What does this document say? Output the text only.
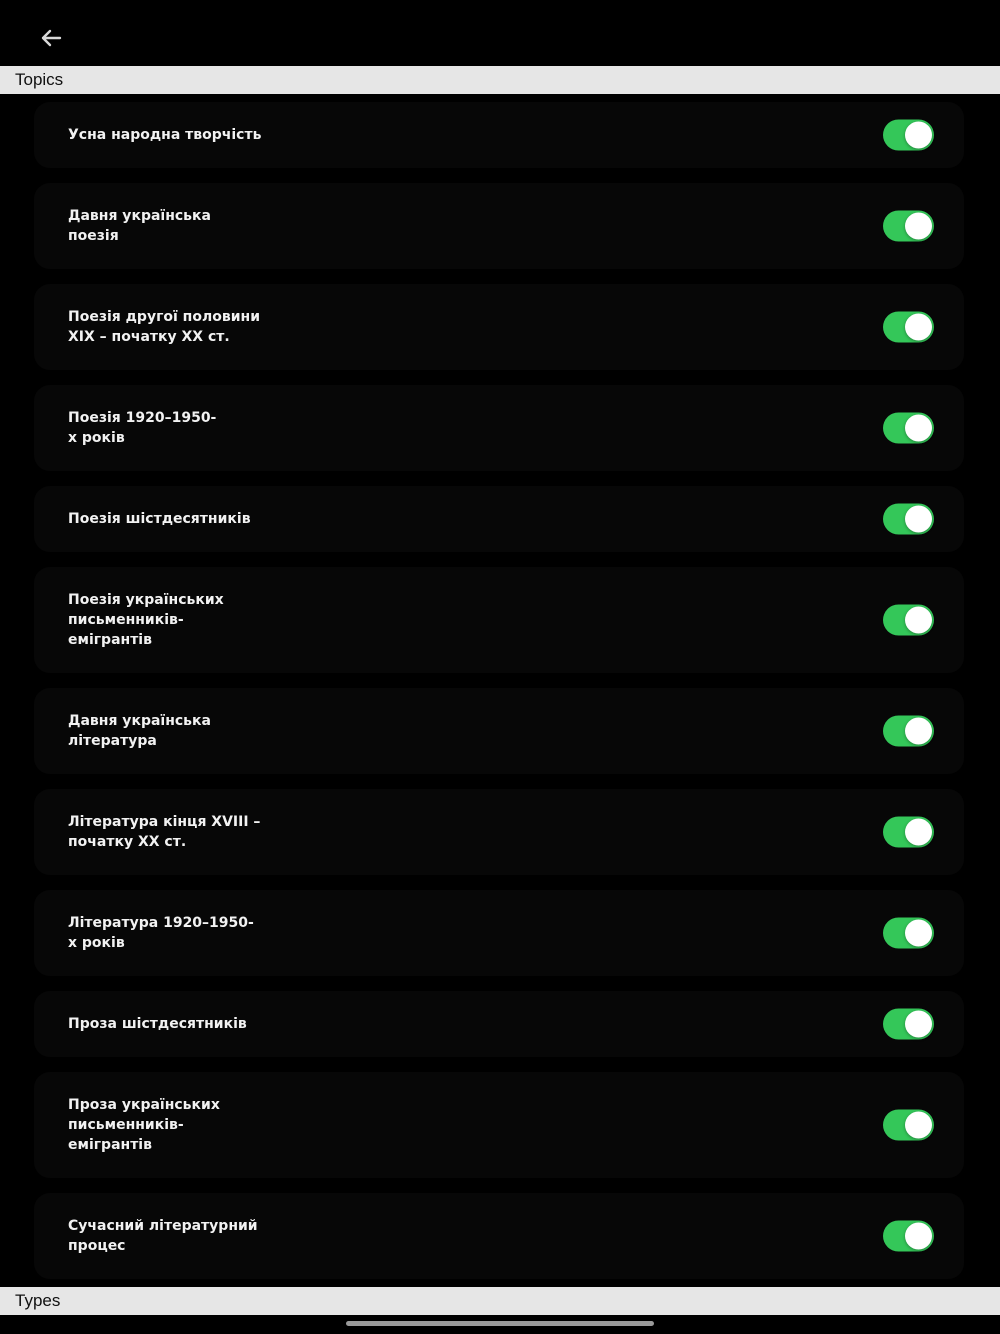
Topics
Усна народна творчість
Давня українська
поезія
Поезія другої половини
XIX – початку XX ст.
Поезія 1920–1950-
х років
Поезія шістдесятників
Поезія українських
письменників-
емігрантів
Давня українська
література
Література кінця XVIII –
початку XX ст.
Література 1920–1950-
х років
Проза шістдесятників
Проза українських
письменників-
емігрантів
Сучасний літературний
процес
Types
